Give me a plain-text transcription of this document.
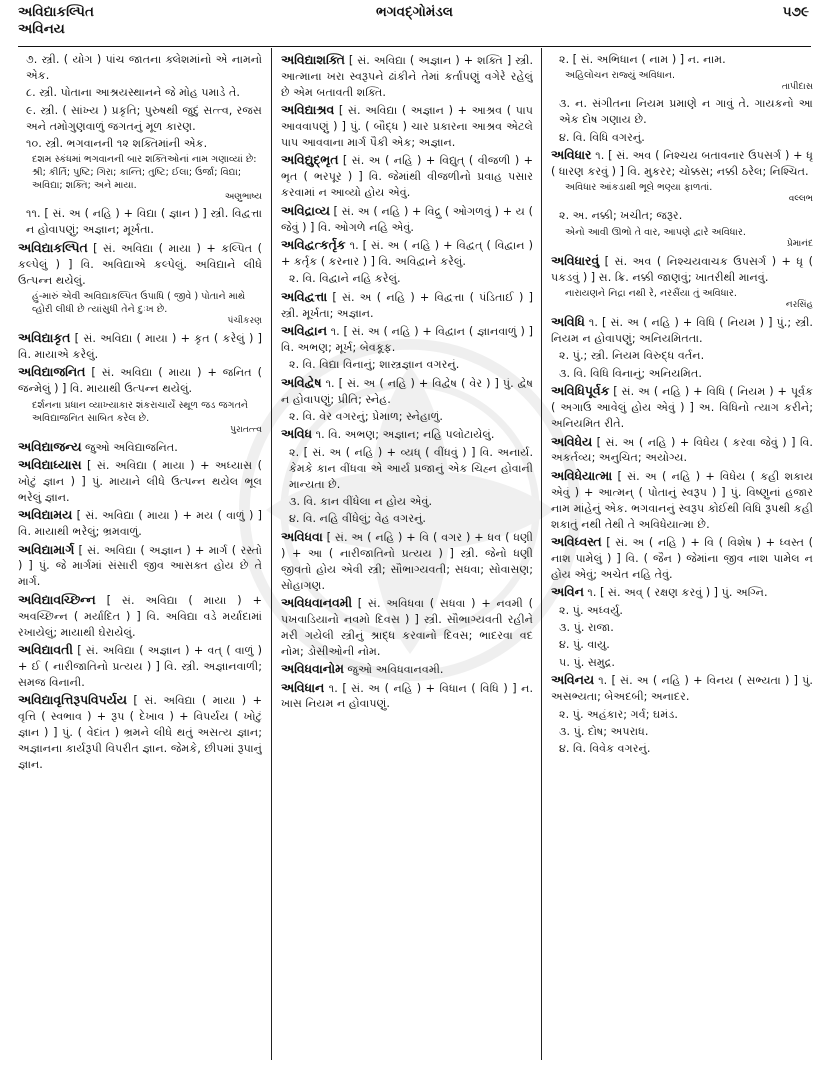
અવિદ્યાકલ્પિત
અવિનય
ભગવદ્ગોમંડલ	૫૭૯
૭. સ્ત્રી. ( યોગ ) પાંચ જાતના ક્લેશમાંનો એ નામનો એક.
૮. સ્ત્રી. પોતાના આશ્રયસ્થાનને જે મોહ પમાડે તે.
૯. સ્ત્રી. ( સાંખ્ય ) પ્રકૃતિ; પુરુષથી જુદું સત્ત્વ, રજસ અને તમોગુણવાળું જગતનું મૂળ કારણ.
૧૦. સ્ત્રી. ભગવાનની ૧૨ શક્તિમાંની એક.
દશમ સ્કંધમાં ભગવાનની બાર શક્તિઓનાં નામ ગણાવ્યાં છે: શ્રી; કીર્તિ; પુષ્ટિ; ગિરા; કાન્તિ; તુષ્ટિ; ઈલા; ઉર્જા; વિદ્યા; અવિદ્યા; શક્તિ; અને માયા.
અણુભાષ્ય
૧૧. [ સં. અ ( નહિ ) + વિદ્યા ( જ્ઞાન ) ] સ્ત્રી. વિદ્વત્તા ન હોવાપણું; અજ્ઞાન; મૂર્ખતા.
અવિદ્યાકલ્પિત [ સં. અવિદ્યા ( માયા ) + કલ્પિત ( કલ્પેલું ) ] વિ. અવિદ્યાએ કલ્પેલું. અવિદ્યાને લીધે ઉત્પન્ન થયેલું.
હું-મારું એવી અવિદ્યાકલ્પિત ઉપાધિ ( જીવે ) પોતાને માથે વ્હોરી લીધી છે ત્યાંસુધી તેને દુઃખ છે.
પંચીકરણ
અવિદ્યાકૃત [ સં. અવિદ્યા ( માયા ) + કૃત ( કરેલું ) ] વિ. માયાએ કરેલું.
અવિદ્યાજનિત [ સં. અવિદ્યા ( માયા ) + જનિત ( જન્મેલું ) ] વિ. માયાથી ઉત્પન્ન થયેલું.
દર્શનના પ્રધાન વ્યાખ્યાકાર શંકરાચાર્યે સ્થૂળ જડ જગતને અવિદ્યાજનિત સાબિત કરેલ છે.
પુરાતત્ત્વ
અવિદ્યાજન્ય જુઓ અવિદ્યાજનિત.
અવિદ્યાધ્યાસ [ સં. અવિદ્યા ( માયા ) + અધ્યાસ ( ખોટું જ્ઞાન ) ] પું. માયાને લીધે ઉત્પન્ન થયેલ ભૂલ ભરેલું જ્ઞાન.
અવિદ્યામય [ સં. અવિદ્યા ( માયા ) + મય ( વાળું ) ] વિ. માયાથી ભરેલું; ભ્રમવાળું.
અવિદ્યામાર્ગ [ સં. અવિદ્યા ( અજ્ઞાન ) + માર્ગ ( રસ્તો ) ] પું. જે માર્ગમાં સંસારી જીવ આસક્ત હોય છે તે માર્ગ.
અવિદ્યાવચ્છિન્ન [ સં. અવિદ્યા ( માયા ) + અવચ્છિન્ન ( મર્યાદિત ) ] વિ. અવિદ્યા વડે મર્યાદામાં રખાયેલું; માયાથી ઘેરાયેલું.
અવિદ્યાવતી [ સં. અવિદ્યા ( અજ્ઞાન ) + વત્ ( વાળું ) + ઈ ( નારીજાતિનો પ્રત્યય ) ] વિ. સ્ત્રી. અજ્ઞાનવાળી; સમજ વિનાની.
અવિદ્યાવૃત્તિરૂપવિપર્યય [ સં. અવિદ્યા ( માયા ) + વૃત્તિ ( સ્વભાવ ) + રૂપ ( દેખાવ ) + વિપર્યય ( ખોટું જ્ઞાન ) ] પું. ( વેદાંત ) ભ્રમને લીધે થતું અસત્ય જ્ઞાન; અજ્ઞાનના કાર્યરૂપી વિપરીત જ્ઞાન. જેમકે, છીપમાં રૂપાનું જ્ઞાન.
અવિદ્યાશક્તિ [ સં. અવિદ્યા ( અજ્ઞાન ) + શક્તિ ] સ્ત્રી. આત્માના ખરા સ્વરૂપને ઢાંકીને તેમાં કર્તાપણું વગેરે રહેલું છે એમ બતાવતી શક્તિ.
અવિદ્યાશ્રવ [ સં. અવિદ્યા ( અજ્ઞાન ) + આશ્રવ ( પાપ આવવાપણું ) ] પું. ( બૌદ્ધ ) ચાર પ્રકારના આશ્રવ એટલે પાપ આવવાના માર્ગ પૈકી એક; અજ્ઞાન.
અવિદ્યુદ્ભૃત [ સં. અ ( નહિ ) + વિદ્યુત્ ( વીજળી ) + ભૃત ( ભરપૂર ) ] વિ. જેમાંથી વીજળીનો પ્રવાહ પસાર કરવામાં ન આવ્યો હોય એવું.
અવિદ્રાવ્ય [ સં. અ ( નહિ ) + વિદ્રુ ( ઓગળવું ) + ય ( જેવું ) ] વિ. ઓગળે નહિ એવું.
અવિદ્વત્કર્તૃક ૧. [ સં. અ ( નહિ ) + વિદ્વત્ ( વિદ્વાન ) + કર્તૃક ( કરનાર ) ] વિ. અવિદ્વાને કરેલું.
૨. વિ. વિદ્વાને નહિ કરેલું.
અવિદ્વત્તા [ સં. અ ( નહિ ) + વિદ્વત્તા ( પંડિતાઈ ) ] સ્ત્રી. મૂર્ખતા; અજ્ઞાન.
અવિદ્વાન ૧. [ સં. અ ( નહિ ) + વિદ્વાન ( જ્ઞાનવાળું ) ] વિ. અભણ; મૂર્ખ; બેવકૂફ.
૨. વિ. વિદ્યા વિનાનું; શાસ્ત્રજ્ઞાન વગરનું.
અવિદ્વેષ ૧. [ સં. અ ( નહિ ) + વિદ્વેષ ( વેર ) ] પું. દ્વેષ ન હોવાપણું; પ્રીતિ; સ્નેહ.
૨. વિ. વેર વગરનું; પ્રેમાળ; સ્નેહાળું.
અવિધ ૧. વિ. અભણ; અજ્ઞાન; નહિ પલોટાયેલું.
૨. [ સં. અ ( નહિ ) + વ્યધ્ ( વીંધવું ) ] વિ. અનાર્ય. કેમકે કાન વીંધવા એ આર્ય પ્રજાનું એક ચિહ્ન હોવાની માન્યતા છે.
૩. વિ. કાન વીંધેલા ન હોય એવું.
૪. વિ. નહિ વીંધેલું; વેહ વગરનું.
અવિધવા [ સં. અ ( નહિ ) + વિ ( વગર ) + ધવ ( ધણી ) + આ ( નારીજાતિનો પ્રત્યય ) ] સ્ત્રી. જેનો ધણી જીવતો હોય એવી સ્ત્રી; સૌભાગ્યવતી; સધવા; સોવાસણ; સોહાગણ.
અવિધવાનવમી [ સં. અવિધવા ( સધવા ) + નવમી ( પખવાડિયાનો નવમો દિવસ ) ] સ્ત્રી. સૌભાગ્યવતી રહીને મરી ગયેલી સ્ત્રીનું શ્રાદ્ધ કરવાનો દિવસ; ભાદરવા વદ નોમ; ડોસીઓની નોમ.
અવિધવાનોમ જુઓ અવિધવાનવમી.
અવિધાન ૧. [ સં. અ ( નહિ ) + વિધાન ( વિધિ ) ] ન. ખાસ નિયમ ન હોવાપણું.
૨. [ સં. અભિધાન ( નામ ) ] ન. નામ.
અહિલોચન રાજ્યું અવિધાન.
તાપીદાસ
૩. ન. સંગીતના નિયમ પ્રમાણે ન ગાવું તે. ગાયકનો આ એક દોષ ગણાય છે.
૪. વિ. વિધિ વગરનું.
અવિધાર ૧. [ સં. અવ ( નિશ્ચય બતાવનાર ઉપસર્ગ ) + ધૃ ( ધારણ કરવું ) ] વિ. મુકરર; ચોક્કસ; નક્કી ઠરેલ; નિશ્ચિત.
અવિધાર આંકડાથી ભૂલે ભણ્યા ફાળતાં.
વલ્લભ
૨. અ. નક્કી; ખચીત; જરૂર.
એનો આવી ઊભો તે વાર, આપણે દ્વારે અવિધાર.
પ્રેમાનંદ
અવિધારવું [ સં. અવ ( નિશ્ચયવાચક ઉપસર્ગ ) + ધૃ ( પકડવું ) ] સ. ક્રિ. નક્કી જાણવું; ખાતરીથી માનવું.
નારાયણને નિદ્રા નથી રે, નરસૈંયા તું અવિધાર.
નરસિંહ
અવિધિ ૧. [ સં. અ ( નહિ ) + વિધિ ( નિયમ ) ] પું.; સ્ત્રી. નિયમ ન હોવાપણું; અનિયમિતતા.
૨. પું.; સ્ત્રી. નિયમ વિરુદ્ધ વર્તન.
૩. વિ. વિધિ વિનાનું; અનિયમિત.
અવિધિપૂર્વક [ સં. અ ( નહિ ) + વિધિ ( નિયમ ) + પૂર્વક ( અગાઉ આવેલું હોય એવું ) ] અ. વિધિનો ત્યાગ કરીને; અનિયમિત રીતે.
અવિધેય [ સં. અ ( નહિ ) + વિધેય ( કરવા જેવું ) ] વિ. અકર્તવ્ય; અનુચિત; અયોગ્ય.
અવિધેયાત્મા [ સં. અ ( નહિ ) + વિધેય ( કહી શકાય એવું ) + આત્મન્ ( પોતાનું સ્વરૂપ ) ] પું. વિષ્ણુનાં હજાર નામ માંહેનું એક. ભગવાનનું સ્વરૂપ કોઈથી વિધિ રૂપથી કહી શકાતું નથી તેથી તે અવિધેયાત્મા છે.
અવિધ્વસ્ત [ સં. અ ( નહિ ) + વિ ( વિશેષ ) + ધ્વસ્ત ( નાશ પામેલું ) ] વિ. ( જૈન ) જેમાંના જીવ નાશ પામેલ ન હોય એવું; અચેત નહિ તેવું.
અવિન ૧. [ સં. અવ્ ( રક્ષણ કરવું ) ] પું. અગ્નિ.
૨. પું. અધ્વર્યુ.
૩. પું. રાજા.
૪. પું. વાયુ.
૫. પું. સમુદ્ર.
અવિનય ૧. [ સં. અ ( નહિ ) + વિનય ( સભ્યતા ) ] પું. અસભ્યતા; બેઅદબી; અનાદર.
૨. પું. અહંકાર; ગર્વ; ઘમંડ.
૩. પું. દોષ; અપરાધ.
૪. વિ. વિવેક વગરનું.
